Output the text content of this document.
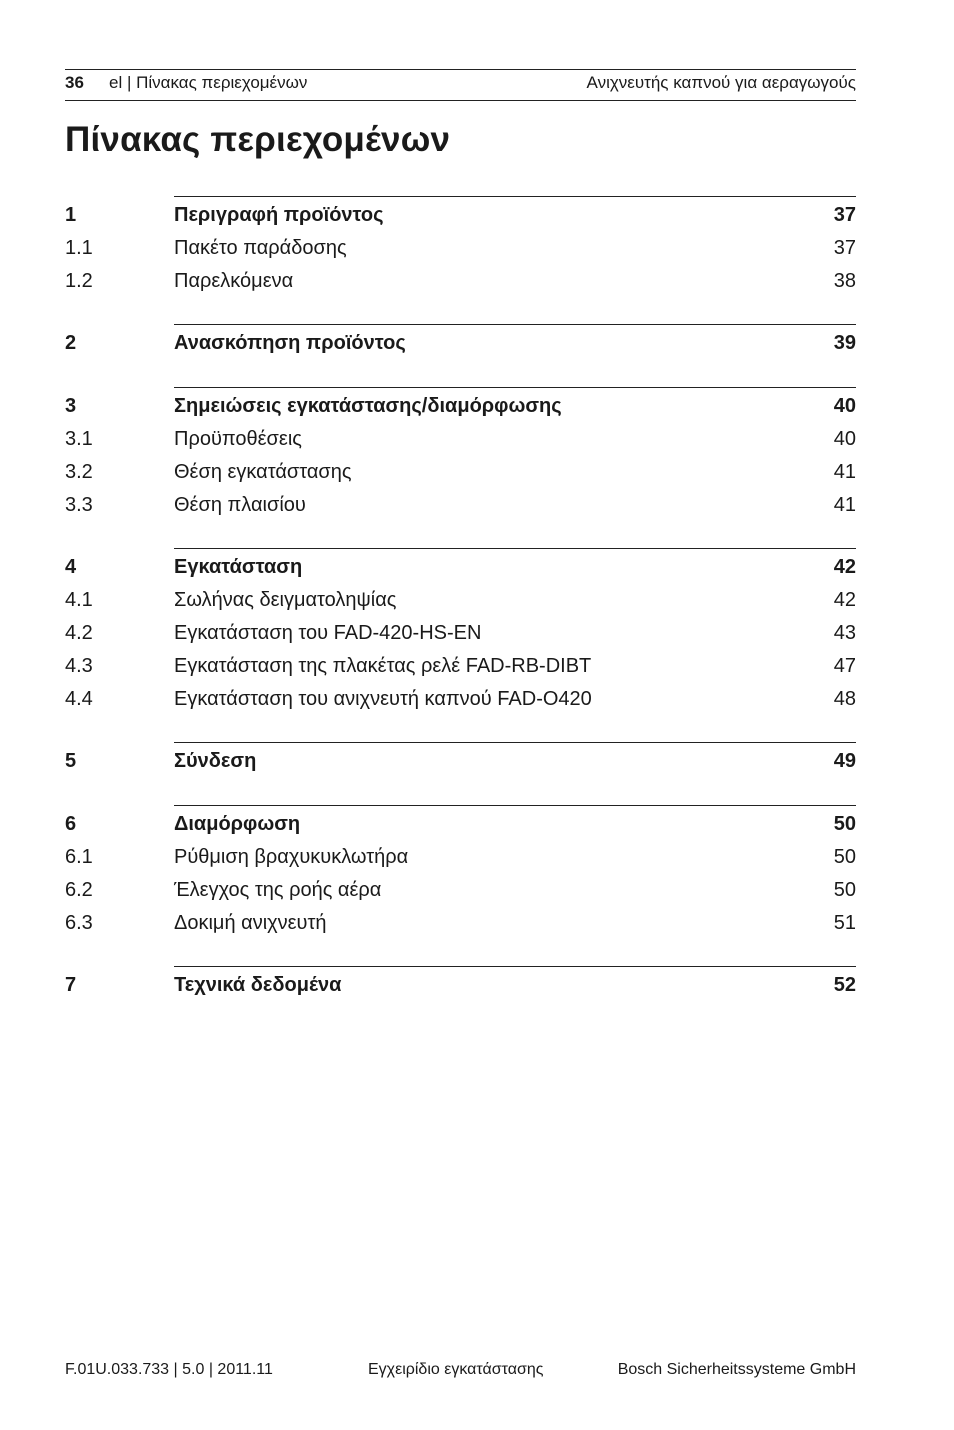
36 el | Πίνακας περιεχομένων	Ανιχνευτής καπνού για αεραγωγούς
Πίνακας περιεχομένων
1	Περιγραφή προϊόντος	37
1.1	Πακέτο παράδοσης	37
1.2	Παρελκόμενα	38
2	Ανασκόπηση προϊόντος	39
3	Σημειώσεις εγκατάστασης/διαμόρφωσης	40
3.1	Προϋποθέσεις	40
3.2	Θέση εγκατάστασης	41
3.3	Θέση πλαισίου	41
4	Εγκατάσταση	42
4.1	Σωλήνας δειγματοληψίας	42
4.2	Εγκατάσταση του FAD-420-HS-EN	43
4.3	Εγκατάσταση της πλακέτας ρελέ FAD-RB-DIBT	47
4.4	Εγκατάσταση του ανιχνευτή καπνού FAD-O420	48
5	Σύνδεση	49
6	Διαμόρφωση	50
6.1	Ρύθμιση βραχυκυκλωτήρα	50
6.2	Έλεγχος της ροής αέρα	50
6.3	Δοκιμή ανιχνευτή	51
7	Τεχνικά δεδομένα	52
F.01U.033.733 | 5.0 | 2011.11	Εγχειρίδιο εγκατάστασης	Bosch Sicherheitssysteme GmbH
